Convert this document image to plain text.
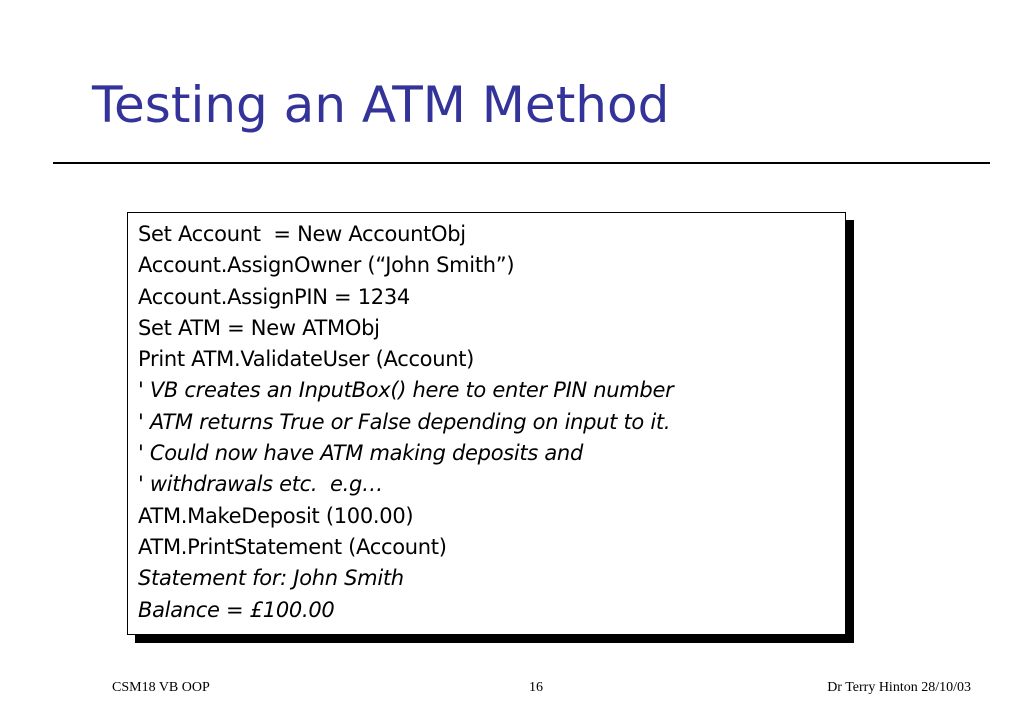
Testing an ATM Method
Set Account  = New AccountObj
Account.AssignOwner (“John Smith”)
Account.AssignPIN = 1234
Set ATM = New ATMObj
Print ATM.ValidateUser (Account)
' VB creates an InputBox() here to enter PIN number
' ATM returns True or False depending on input to it.
' Could now have ATM making deposits and
' withdrawals etc.  e.g…
ATM.MakeDeposit (100.00)
ATM.PrintStatement (Account)
Statement for: John Smith
Balance = £100.00
CSM18 VB OOP	16	Dr Terry Hinton 28/10/03
